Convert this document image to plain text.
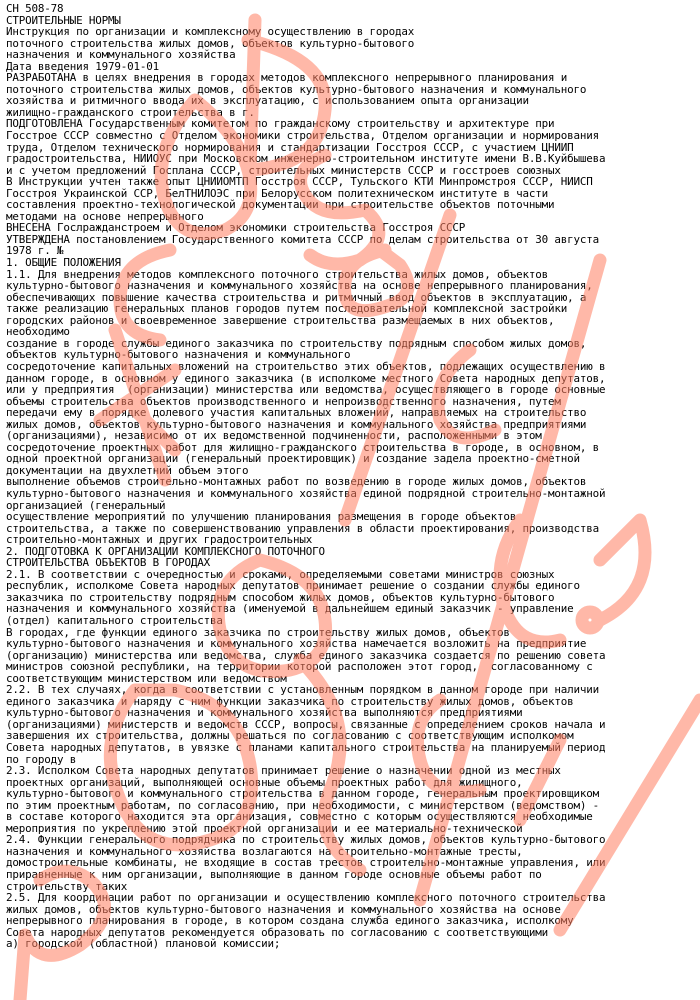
СН 508-78
СТРОИТЕЛЬНЫЕ НОРМЫ
Инструкция по организации и комплексному осуществлению в городах
поточного строительства жилых домов, объектов культурно-бытового
назначения и коммунального хозяйства
Дата введения 1979-01-01
РАЗРАБОТАНА в целях внедрения в городах методов комплексного непрерывного планирования и
поточного строительства жилых домов, объектов культурно-бытового назначения и коммунального
хозяйства и ритмичного ввода их в эксплуатацию, с использованием опыта организации
жилищно-гражданского строительства в г.
ПОДГОТОВЛЕНА Государственным комитетом по гражданскому строительству и архитектуре при
Госстрое СССР совместно с Отделом экономики строительства, Отделом организации и нормирования
труда, Отделом технического нормирования и стандартизации Госстроя СССР, с участием ЦНИИП
градостроительства, НИИОУС при Московском инженерно-строительном институте имени В.В.Куйбышева
и с учетом предложений Госплана СССР, строительных министерств СССР и госстроев союзных
В Инструкции учтен также опыт ЦНИИОМТП Госстроя СССР, Тульского КТИ Минпромстроя СССР, НИИСП
Госстроя Украинской ССР, БелТНИЛОЭС при Белорусском политехническом институте в части
составления проектно-технологической документации при строительстве объектов поточными
методами на основе непрерывного
ВНЕСЕНА Гослражданстроем и Отделом экономики строительства Госстроя СССР
УТВЕРЖДЕНА постановлением Государственного комитета СССР по делам строительства от 30 августа
1978 г. №
1. ОБЩИЕ ПОЛОЖЕНИЯ
1.1. Для внедрения методов комплексного поточного строительства жилых домов, объектов
культурно-бытового назначения и коммунального хозяйства на основе непрерывного планирования,
обеспечивающих повышение качества строительства и ритмичный ввод объектов в эксплуатацию, а
также реализацию генеральных планов городов путем последовательной комплексной застройки
городских районов и своевременное завершение строительства размещаемых в них объектов,
необходимо
создание в городе службы единого заказчика по строительству подрядным способом жилых домов,
объектов культурно-бытового назначения и коммунального
сосредоточение капитальных вложений на строительство этих объектов, подлежащих осуществлению в
данном городе, в основном у единого заказчика (в исполкоме местного Совета народных депутатов,
или у предприятия  (организации) министерства или ведомства, осуществляющего в городе основные
объемы строительства объектов производственного и непроизводственного назначения, путем
передачи ему в порядке долевого участия капитальных вложений, направляемых на строительство
жилых домов, объектов культурно-бытового назначения и коммунального хозяйства предприятиями
(организациями), независимо от их ведомственной подчиненности, расположенными в этом
сосредоточение проектных работ для жилищно-гражданского строительства в городе, в основном, в
одной проектной организации (генеральный проектировщик) и создание задела проектно-сметной
документации на двухлетний объем этого
выполнение объемов строительно-монтажных работ по возведению в городе жилых домов, объектов
культурно-бытового назначения и коммунального хозяйства единой подрядной строительно-монтажной
организацией (генеральный
осуществление мероприятий по улучшению планирования размещения в городе объектов
строительства, а также по совершенствованию управления в области проектирования, производства
строительно-монтажных и других градостроительных
2. ПОДГОТОВКА К ОРГАНИЗАЦИИ КОМПЛЕКСНОГО ПОТОЧНОГО
СТРОИТЕЛЬСТВА ОБЪЕКТОВ В ГОРОДАХ
2.1. В соответствии с очередностью и сроками, определяемыми советами министров союзных
республик, исполкоме Совета народных депутатов принимает решение о создании службы единого
заказчика по строительству подрядным способом жилых домов, объектов культурно-бытового
назначения и коммунального хозяйства (именуемой в дальнейшем единый заказчик - управление
(отдел) капитального строительства
В городах, где функции единого заказчика по строительству жилых домов, объектов
культурно-бытового назначения и коммунального хозяйства намечается возложить на предприятие
(организацию) министерства или ведомства, служба единого заказчика создается по решению совета
министров союзной республики, на территории которой расположен этот город,  согласованному с
соответствующим министерством или ведомством
2.2. В тех случаях, когда в соответствии с установленным порядком в данном городе при наличии
единого заказчика и наряду с ним функции заказчика по строительству жилых домов, объектов
культурно-бытового назначения и коммунального хозяйства выполняются предприятиями
(организациями) министерств и ведомств СССР, вопросы, связанные с определением сроков начала и
завершения их строительства, должны решаться по согласованию с соответствующим исполкомом
Совета народных депутатов, в увязке с планами капитального строительства на планируемый период
по городу в
2.3. Исполком Совета народных депутатов принимает решение о назначении одной из местных
проектных организаций, выполняющей основные объемы проектных работ для жилищного,
культурно-бытового и коммунального строительства в данном городе, генеральным проектировщиком
по этим проектным работам, по согласованию, при необходимости, с министерством (ведомством) -
в составе которого находится эта организация, совместно с которым осуществляются необходимые
мероприятия по укреплению этой проектной организации и ее материально-технической
2.4. Функции генерального подрядчика по строительству жилых домов, объектов культурно-бытового
назначения и коммунального хозяйства возлагаются на строительно-монтажные тресты,
домостроительные комбинаты, не входящие в состав трестов строительно-монтажные управления, или
приравненные к ним организации, выполняющие в данном городе основные объемы работ по
строительству таких
2.5. Для координации работ по организации и осуществлению комплексного поточного строительства
жилых домов, объектов культурно-бытового назначения и коммунального хозяйства на основе
непрерывного планирования в городе, в котором создана служба единого заказчика, исполкому
Совета народных депутатов рекомендуется образовать по согласованию с соответствующими
а) городской (областной) плановой комиссии;
